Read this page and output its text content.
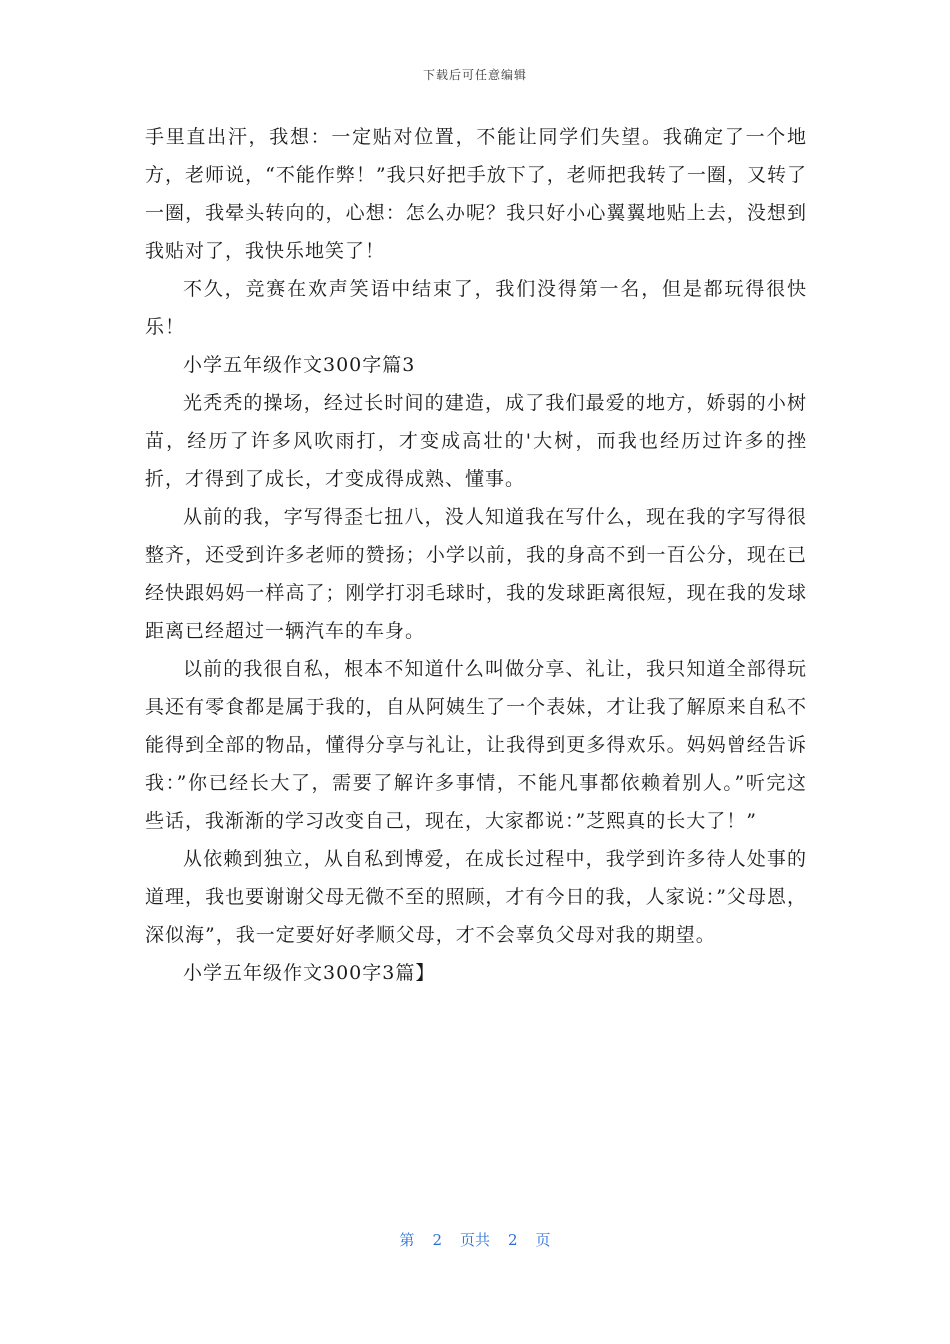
下载后可任意编辑

手里直出汗，我想：一定贴对位置，不能让同学们失望。我确定了一个地方，老师说，“不能作弊！”我只好把手放下了，老师把我转了一圈，又转了一圈，我晕头转向的，心想：怎么办呢？我只好小心翼翼地贴上去，没想到我贴对了，我快乐地笑了！

不久，竞赛在欢声笑语中结束了，我们没得第一名，但是都玩得很快乐！

小学五年级作文300字篇3

光秃秃的操场，经过长时间的建造，成了我们最爱的地方，娇弱的小树苗，经历了许多风吹雨打，才变成高壮的'大树，而我也经历过许多的挫折，才得到了成长，才变成得成熟、懂事。

从前的我，字写得歪七扭八，没人知道我在写什么，现在我的字写得很整齐，还受到许多老师的赞扬；小学以前，我的身高不到一百公分，现在已经快跟妈妈一样高了；刚学打羽毛球时，我的发球距离很短，现在我的发球距离已经超过一辆汽车的车身。

以前的我很自私，根本不知道什么叫做分享、礼让，我只知道全部得玩具还有零食都是属于我的，自从阿姨生了一个表妹，才让我了解原来自私不能得到全部的物品，懂得分享与礼让，让我得到更多得欢乐。妈妈曾经告诉我：”你已经长大了，需要了解许多事情，不能凡事都依赖着别人。”听完这些话，我渐渐的学习改变自己，现在，大家都说：”芝熙真的长大了！”

从依赖到独立，从自私到博爱，在成长过程中，我学到许多待人处事的道理，我也要谢谢父母无微不至的照顾，才有今日的我，人家说：”父母恩，深似海”，我一定要好好孝顺父母，才不会辜负父母对我的期望。

小学五年级作文300字3篇】

第 2 页共 2 页
